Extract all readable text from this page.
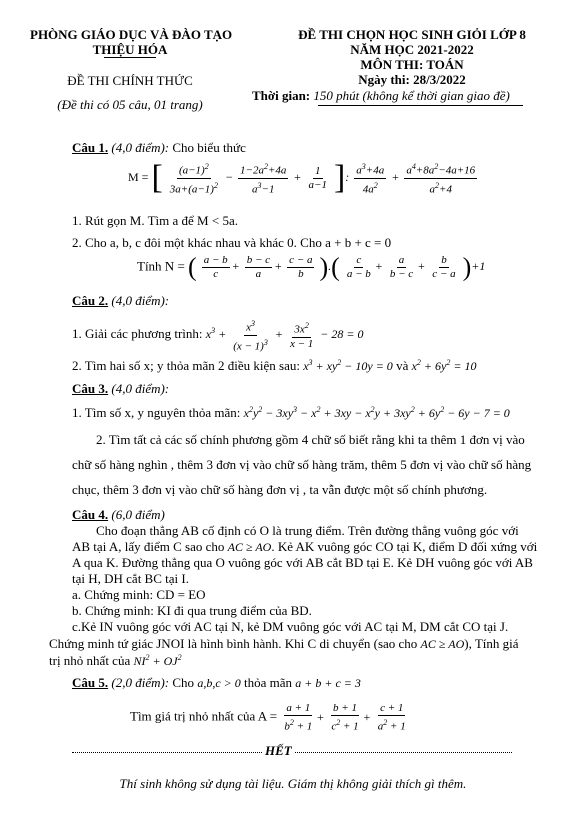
PHÒNG GIÁO DỤC VÀ ĐÀO TẠO
THIỆU HÓA
ĐỀ THI CHÍNH THỨC
(Đề thi có 05 câu, 01 trang)
ĐỀ THI CHỌN HỌC SINH GIỎI LỚP 8
NĂM HỌC 2021-2022
MÔN THI: TOÁN
Ngày thi: 28/3/2022
Thời gian: 150 phút (không kể thời gian giao đề)
Câu 1. (4,0 điểm): Cho biểu thức
M = [ $\frac{(a-1)^2}{3a+(a-1)^2} - \frac{1-2a^2+4a}{a^3-1} + \frac{1}{a-1}$ ]: $\frac{a^3+4a}{4a^2} + \frac{a^4+8a^2-4a+16}{a^2+4}$
1. Rút gọn M. Tìm a để M < 5a.
2. Cho a, b, c đôi một khác nhau và khác 0. Cho a + b + c = 0
Tính N = ( $\frac{a - b}{c} + \frac{b - c}{a} + \frac{c - a}{b}$ ).( $\frac{c}{a - b} + \frac{a}{b - c} + \frac{b}{c - a} )+1$
Câu 2. (4,0 điểm):
1. Giải các phương trình: $x^3 + \frac{x^3}{(x - 1)^3} + \frac{3x^2}{x - 1} - 28 = 0$
2. Tìm hai số x; y thỏa mãn 2 điều kiện sau: $x^3 + xy^2 - 10y = 0$ và $x^2 + 6y^2 = 10$
Câu 3. (4,0 điểm):
1. Tìm số x, y nguyên thỏa mãn: $x^2y^2 - 3xy^3 - x^2 + 3xy - x^2y + 3xy^2 + 6y^2 - 6y - 7 = 0$
2. Tìm tất cả các số chính phương gồm 4 chữ số biết rằng khi ta thêm 1 đơn vị vào
chữ số hàng nghìn , thêm 3 đơn vị vào chữ số hàng trăm, thêm 5 đơn vị vào chữ số hàng
chục, thêm 3 đơn vị vào chữ số hàng đơn vị , ta vẫn được một số chính phương.
Câu 4. (6,0 điểm)
Cho đoạn thẳng AB cố định có O là trung điểm. Trên đường thẳng vuông góc với
AB tại A, lấy điểm C sao cho AC ≥ AO. Kẻ AK vuông góc CO tại K, điểm D đối xứng với
A qua K. Đường thẳng qua O vuông góc với AB cắt BD tại E. Kẻ DH vuông góc với AB
tại H, DH cắt BC tại I.
a. Chứng minh: CD = EO
b. Chứng minh: KI đi qua trung điểm của BD.
c.Kẻ IN vuông góc với AC tại N, kẻ DM vuông góc với AC tại M, DM cắt CO tại J.
Chứng minh tứ giác JNOI là hình bình hành. Khi C di chuyển (sao cho AC ≥ AO), Tính giá
trị nhỏ nhất của $NI^2 + OJ^2$
Câu 5. (2,0 điểm): Cho a,b,c > 0 thỏa mãn a + b + c = 3
Tìm giá trị nhỏ nhất của $A = \frac{a + 1}{b^2 + 1} + \frac{b + 1}{c^2 + 1} + \frac{c + 1}{a^2 + 1}$
HẾT
Thí sinh không sử dụng tài liệu. Giám thị không giải thích gì thêm.
